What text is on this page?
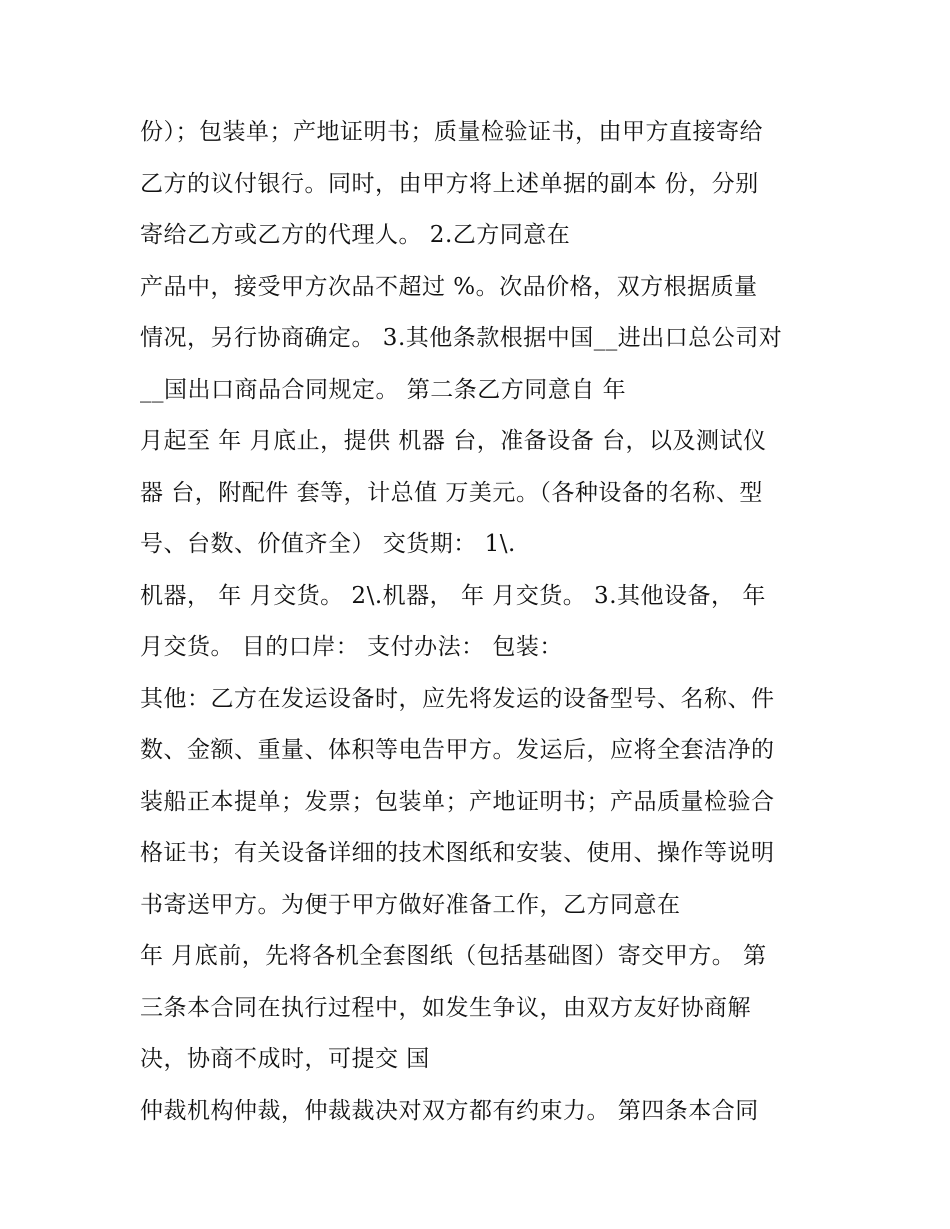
份）；包装单；产地证明书；质量检验证书，由甲方直接寄给
乙方的议付银行。同时，由甲方将上述单据的副本 份，分别
寄给乙方或乙方的代理人。 2.乙方同意在
产品中，接受甲方次品不超过 %。次品价格，双方根据质量
情况，另行协商确定。 3.其他条款根据中国__进出口总公司对
__国出口商品合同规定。 第二条乙方同意自 年
月起至 年 月底止，提供 机器 台，准备设备 台，以及测试仪
器 台，附配件 套等，计总值 万美元。（各种设备的名称、型
号、台数、价值齐全） 交货期： 1\.
机器， 年 月交货。 2\.机器， 年 月交货。 3.其他设备， 年
月交货。 目的口岸： 支付办法： 包装：
其他：乙方在发运设备时，应先将发运的设备型号、名称、件
数、金额、重量、体积等电告甲方。发运后，应将全套洁净的
装船正本提单；发票；包装单；产地证明书；产品质量检验合
格证书；有关设备详细的技术图纸和安装、使用、操作等说明
书寄送甲方。为便于甲方做好准备工作，乙方同意在
年 月底前，先将各机全套图纸（包括基础图）寄交甲方。 第
三条本合同在执行过程中，如发生争议，由双方友好协商解
决，协商不成时，可提交 国
仲裁机构仲裁，仲裁裁决对双方都有约束力。 第四条本合同
